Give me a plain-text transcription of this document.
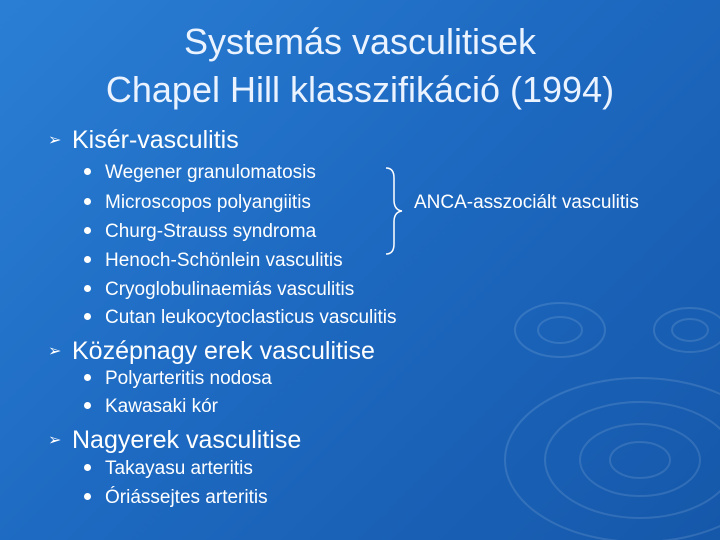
Systemás vasculitisek
Chapel Hill klasszifikáció (1994)
➢ Kisér-vasculitis
Wegener granulomatosis
Microscopos polyangiitis
Churg-Strauss syndroma
Henoch-Schönlein vasculitis
Cryoglobulinaemiás vasculitis
Cutan leukocytoclasticus vasculitis
ANCA-asszociált vasculitis
➢ Középnagy erek vasculitise
Polyarteritis nodosa
Kawasaki kór
➢ Nagyerek vasculitise
Takayasu arteritis
Óriássejtes arteritis
